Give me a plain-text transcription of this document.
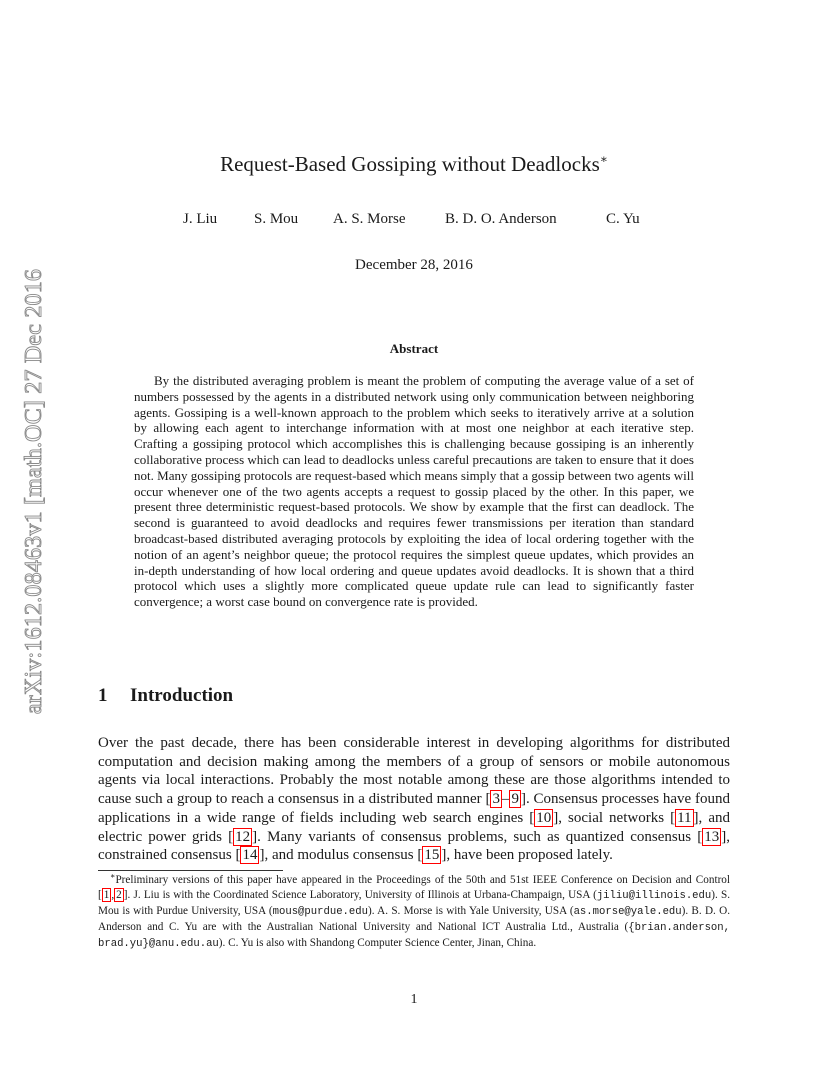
arXiv:1612.08463v1 [math.OC] 27 Dec 2016
Request-Based Gossiping without Deadlocks∗
J. Liu S. Mou A. S. Morse	B. D. O. Anderson	C. Yu
December 28, 2016
Abstract
By the distributed averaging problem is meant the problem of computing the average value of a set of numbers possessed by the agents in a distributed network using only communication between neighboring agents. Gossiping is a well-known approach to the problem which seeks to iteratively arrive at a solution by allowing each agent to interchange information with at most one neighbor at each iterative step. Crafting a gossiping protocol which accomplishes this is challenging because gossiping is an inherently collaborative process which can lead to deadlocks unless careful precautions are taken to ensure that it does not. Many gossiping protocols are request-based which means simply that a gossip between two agents will occur whenever one of the two agents accepts a request to gossip placed by the other. In this paper, we present three deterministic request-based protocols. We show by example that the first can deadlock. The second is guaranteed to avoid deadlocks and requires fewer transmissions per iteration than standard broadcast-based distributed averaging protocols by exploiting the idea of local ordering together with the notion of an agent’s neighbor queue; the protocol requires the simplest queue updates, which provides an in-depth understanding of how local ordering and queue updates avoid deadlocks. It is shown that a third protocol which uses a slightly more complicated queue update rule can lead to significantly faster convergence; a worst case bound on convergence rate is provided.
1 Introduction
Over the past decade, there has been considerable interest in developing algorithms for distributed computation and decision making among the members of a group of sensors or mobile autonomous agents via local interactions. Probably the most notable among these are those algorithms intended to cause such a group to reach a consensus in a distributed manner [ 3 – 9 ]. Consensus processes have found applications in a wide range of fields including web search engines [ 10 ], social networks [ 11 ], and electric power grids [ 12 ]. Many variants of consensus problems, such as quantized consensus [ 13 ], constrained consensus [ 14 ], and modulus consensus [ 15 ], have been proposed lately.
∗Preliminary versions of this paper have appeared in the Proceedings of the 50th and 51st IEEE Conference on Decision and Control [ 1 , 2 ]. J. Liu is with the Coordinated Science Laboratory, University of Illinois at Urbana-Champaign, USA (jiliu@illinois.edu). S. Mou is with Purdue University, USA (mous@purdue.edu). A. S. Morse is with Yale University, USA (as.morse@yale.edu). B. D. O. Anderson and C. Yu are with the Australian National University and National ICT Australia Ltd., Australia ({brian.anderson, brad.yu}@anu.edu.au). C. Yu is also with Shandong Computer Science Center, Jinan, China.
1
